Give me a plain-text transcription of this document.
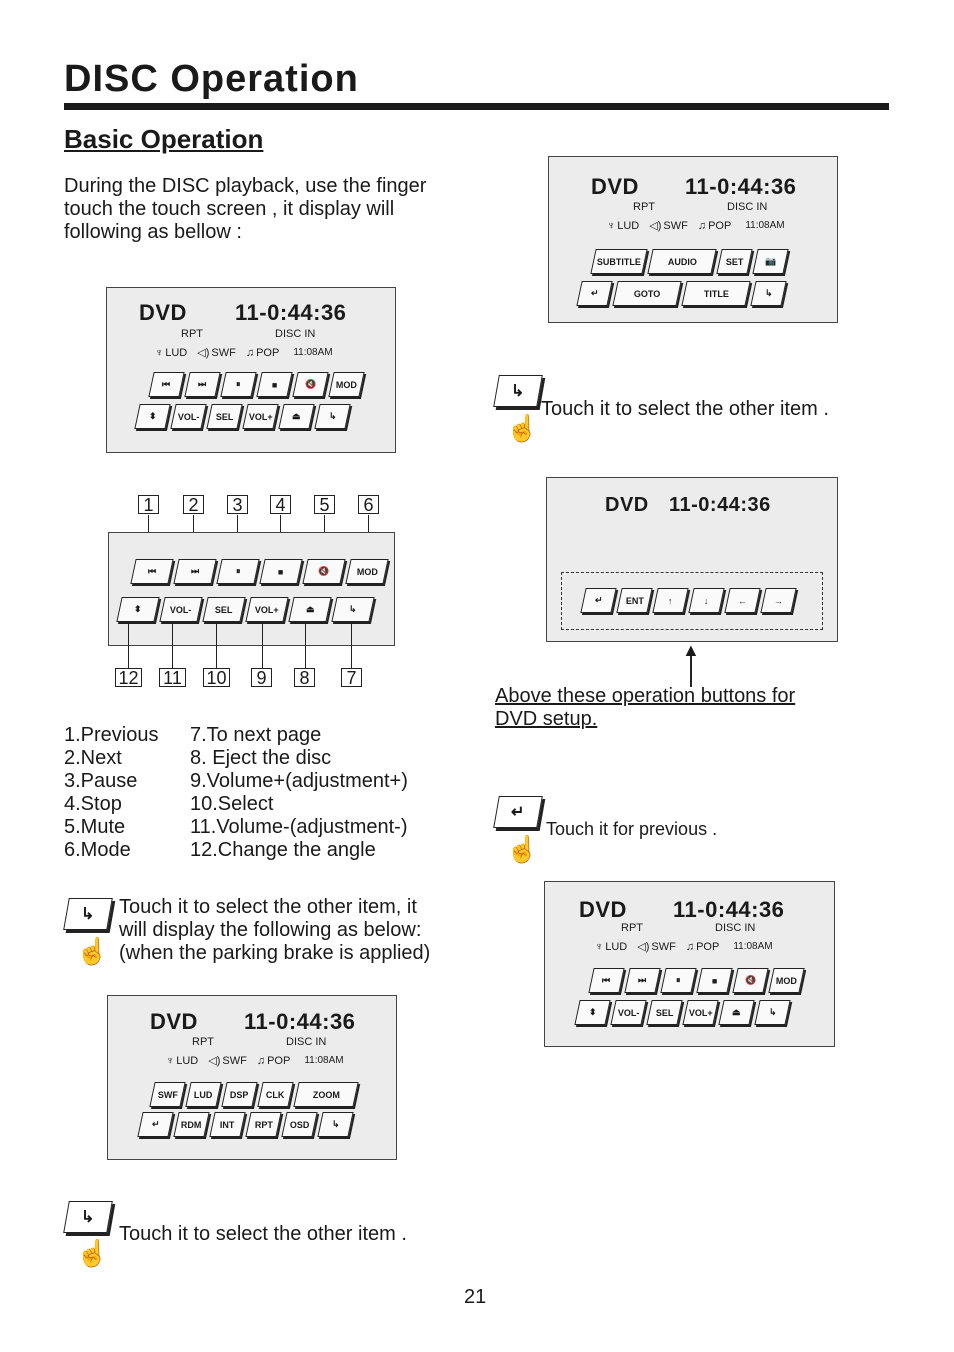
DISC Operation
Basic Operation
During the DISC playback, use the finger touch the touch screen , it display will following as bellow :
DVD 11-0:44:36
RPT	DISC IN
♆ LUD ◁) SWF ♫ POP 11:08AM
⏮	⏭	⏸	■	🔇 MOD
⬍ VOL- SEL VOL+ ⏏	↳
1	2	3	4	5	6
⏮	⏭	⏸	■	🔇	MOD
⬍	VOL-	SEL VOL+	⏏	↳
12 11 10	9	8	7
1.Previous
2.Next
3.Pause
4.Stop
5.Mute
6.Mode
7.To next page
8. Eject the disc
9.Volume+(adjustment+)
10.Select
11.Volume-(adjustment-)
12.Change the angle
↳
☝
Touch it to select the other item, it
will display the following as below:
(when the parking brake is applied)
DVD 11-0:44:36
RPT	DISC IN
♆ LUD ◁) SWF ♫ POP 11:08AM
SWF LUD DSP CLK	ZOOM
↵ RDM INT RPT OSD ↳
↳
☝
Touch it to select the other item .
DVD 11-0:44:36
RPT	DISC IN
♆ LUD ◁) SWF ♫ POP 11:08AM
SUBTITLE	AUDIO	SET 📷
↵	GOTO	TITLE	↳
↳
☝
Touch it to select the other item .
DVD 11-0:44:36
↵	ENT	↑	↓	←	→
▲
Above these operation buttons for
DVD setup.
↵
☝
Touch it for previous .
DVD 11-0:44:36
RPT	DISC IN
♆ LUD ◁) SWF ♫ POP 11:08AM
⏮	⏭	⏸	■	🔇 MOD
⬍ VOL- SEL VOL+ ⏏	↳
21
